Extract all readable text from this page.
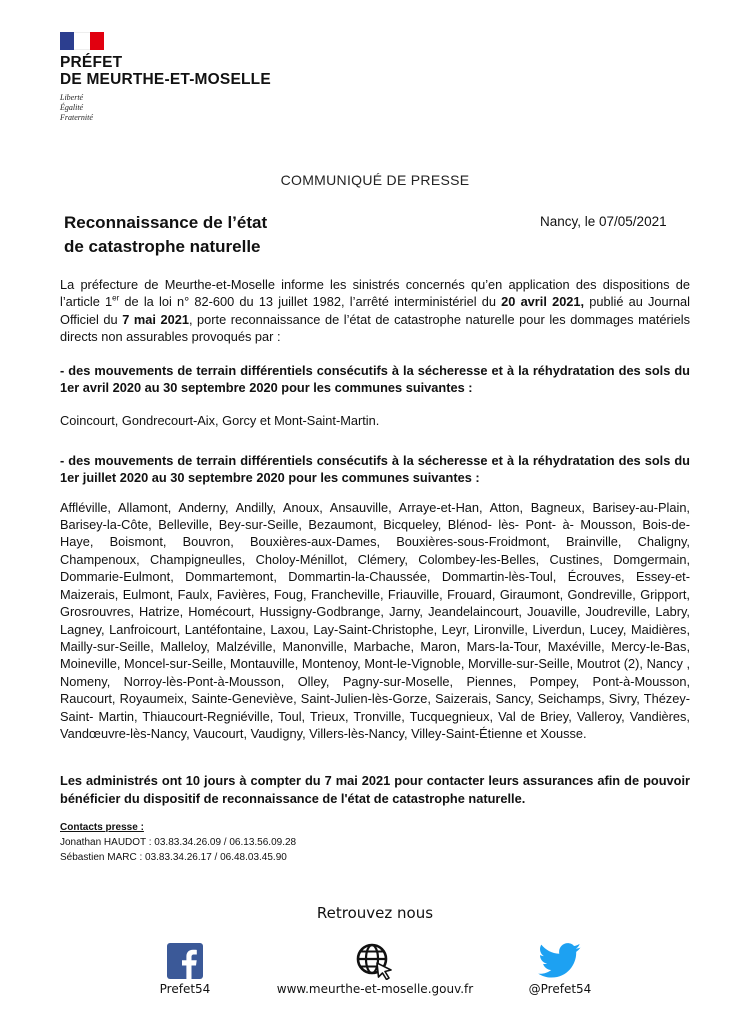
PRÉFET
DE MEURTHE-ET-MOSELLE
Liberté
Égalité
Fraternité
COMMUNIQUÉ DE PRESSE
Reconnaissance de l’état
de catastrophe naturelle
Nancy, le 07/05/2021

La préfecture de Meurthe-et-Moselle informe les sinistrés concernés qu’en application des dispositions de l’article 1er de la loi n° 82-600 du 13 juillet 1982, l’arrêté interministériel du 20 avril 2021, publié au Journal Officiel du 7 mai 2021, porte reconnaissance de l’état de catastrophe naturelle pour les dommages matériels directs non assurables provoqués par :

- des mouvements de terrain différentiels consécutifs à la sécheresse et à la réhydratation des sols du 1er avril 2020 au 30 septembre 2020 pour les communes suivantes :

Coincourt, Gondrecourt-Aix, Gorcy et Mont-Saint-Martin.

- des mouvements de terrain différentiels consécutifs à la sécheresse et à la réhydratation des sols du 1er juillet 2020 au 30 septembre 2020 pour les communes suivantes :

Affléville, Allamont, Anderny, Andilly, Anoux, Ansauville, Arraye-et-Han, Atton, Bagneux, Barisey-au-Plain, Barisey-la-Côte, Belleville, Bey-sur-Seille, Bezaumont, Bicqueley, Blénod- lès- Pont- à- Mousson, Bois-de-Haye, Boismont, Bouvron, Bouxières-aux-Dames, Bouxières-sous-Froidmont, Brainville, Chaligny, Champenoux, Champigneulles, Choloy-Ménillot, Clémery, Colombey-les-Belles, Custines, Domgermain, Dommarie-Eulmont, Dommartemont, Dommartin-la-Chaussée, Dommartin-lès-Toul, Écrouves, Essey-et-Maizerais, Eulmont, Faulx, Favières, Foug, Francheville, Friauville, Frouard, Giraumont, Gondreville, Gripport, Grosrouvres, Hatrize, Homécourt, Hussigny-Godbrange, Jarny, Jeandelaincourt, Jouaville, Joudreville, Labry, Lagney, Lanfroicourt, Lantéfontaine, Laxou, Lay-Saint-Christophe, Leyr, Lironville, Liverdun, Lucey, Maidières, Mailly-sur-Seille, Malleloy, Malzéville, Manonville, Marbache, Maron, Mars-la-Tour, Maxéville, Mercy-le-Bas, Moineville, Moncel-sur-Seille, Montauville, Montenoy, Mont-le-Vignoble, Morville-sur-Seille, Moutrot (2), Nancy , Nomeny, Norroy-lès-Pont-à-Mousson, Olley, Pagny-sur-Moselle, Piennes, Pompey, Pont-à-Mousson, Raucourt, Royaumeix, Sainte-Geneviève, Saint-Julien-lès-Gorze, Saizerais, Sancy, Seichamps, Sivry, Thézey- Saint- Martin, Thiaucourt-Regniéville, Toul, Trieux, Tronville, Tucquegnieux, Val de Briey, Valleroy, Vandières, Vandœuvre-lès-Nancy, Vaucourt, Vaudigny, Villers-lès-Nancy, Villey-Saint-Étienne et Xousse.

Les administrés ont 10 jours à compter du 7 mai 2021 pour contacter leurs assurances afin de pouvoir bénéficier du dispositif de reconnaissance de l'état de catastrophe naturelle.

Contacts presse :
Jonathan HAUDOT : 03.83.34.26.09 / 06.13.56.09.28
Sébastien MARC : 03.83.34.26.17 / 06.48.03.45.90
Retrouvez nous
Prefet54	www.meurthe-et-moselle.gouv.fr	@Prefet54
